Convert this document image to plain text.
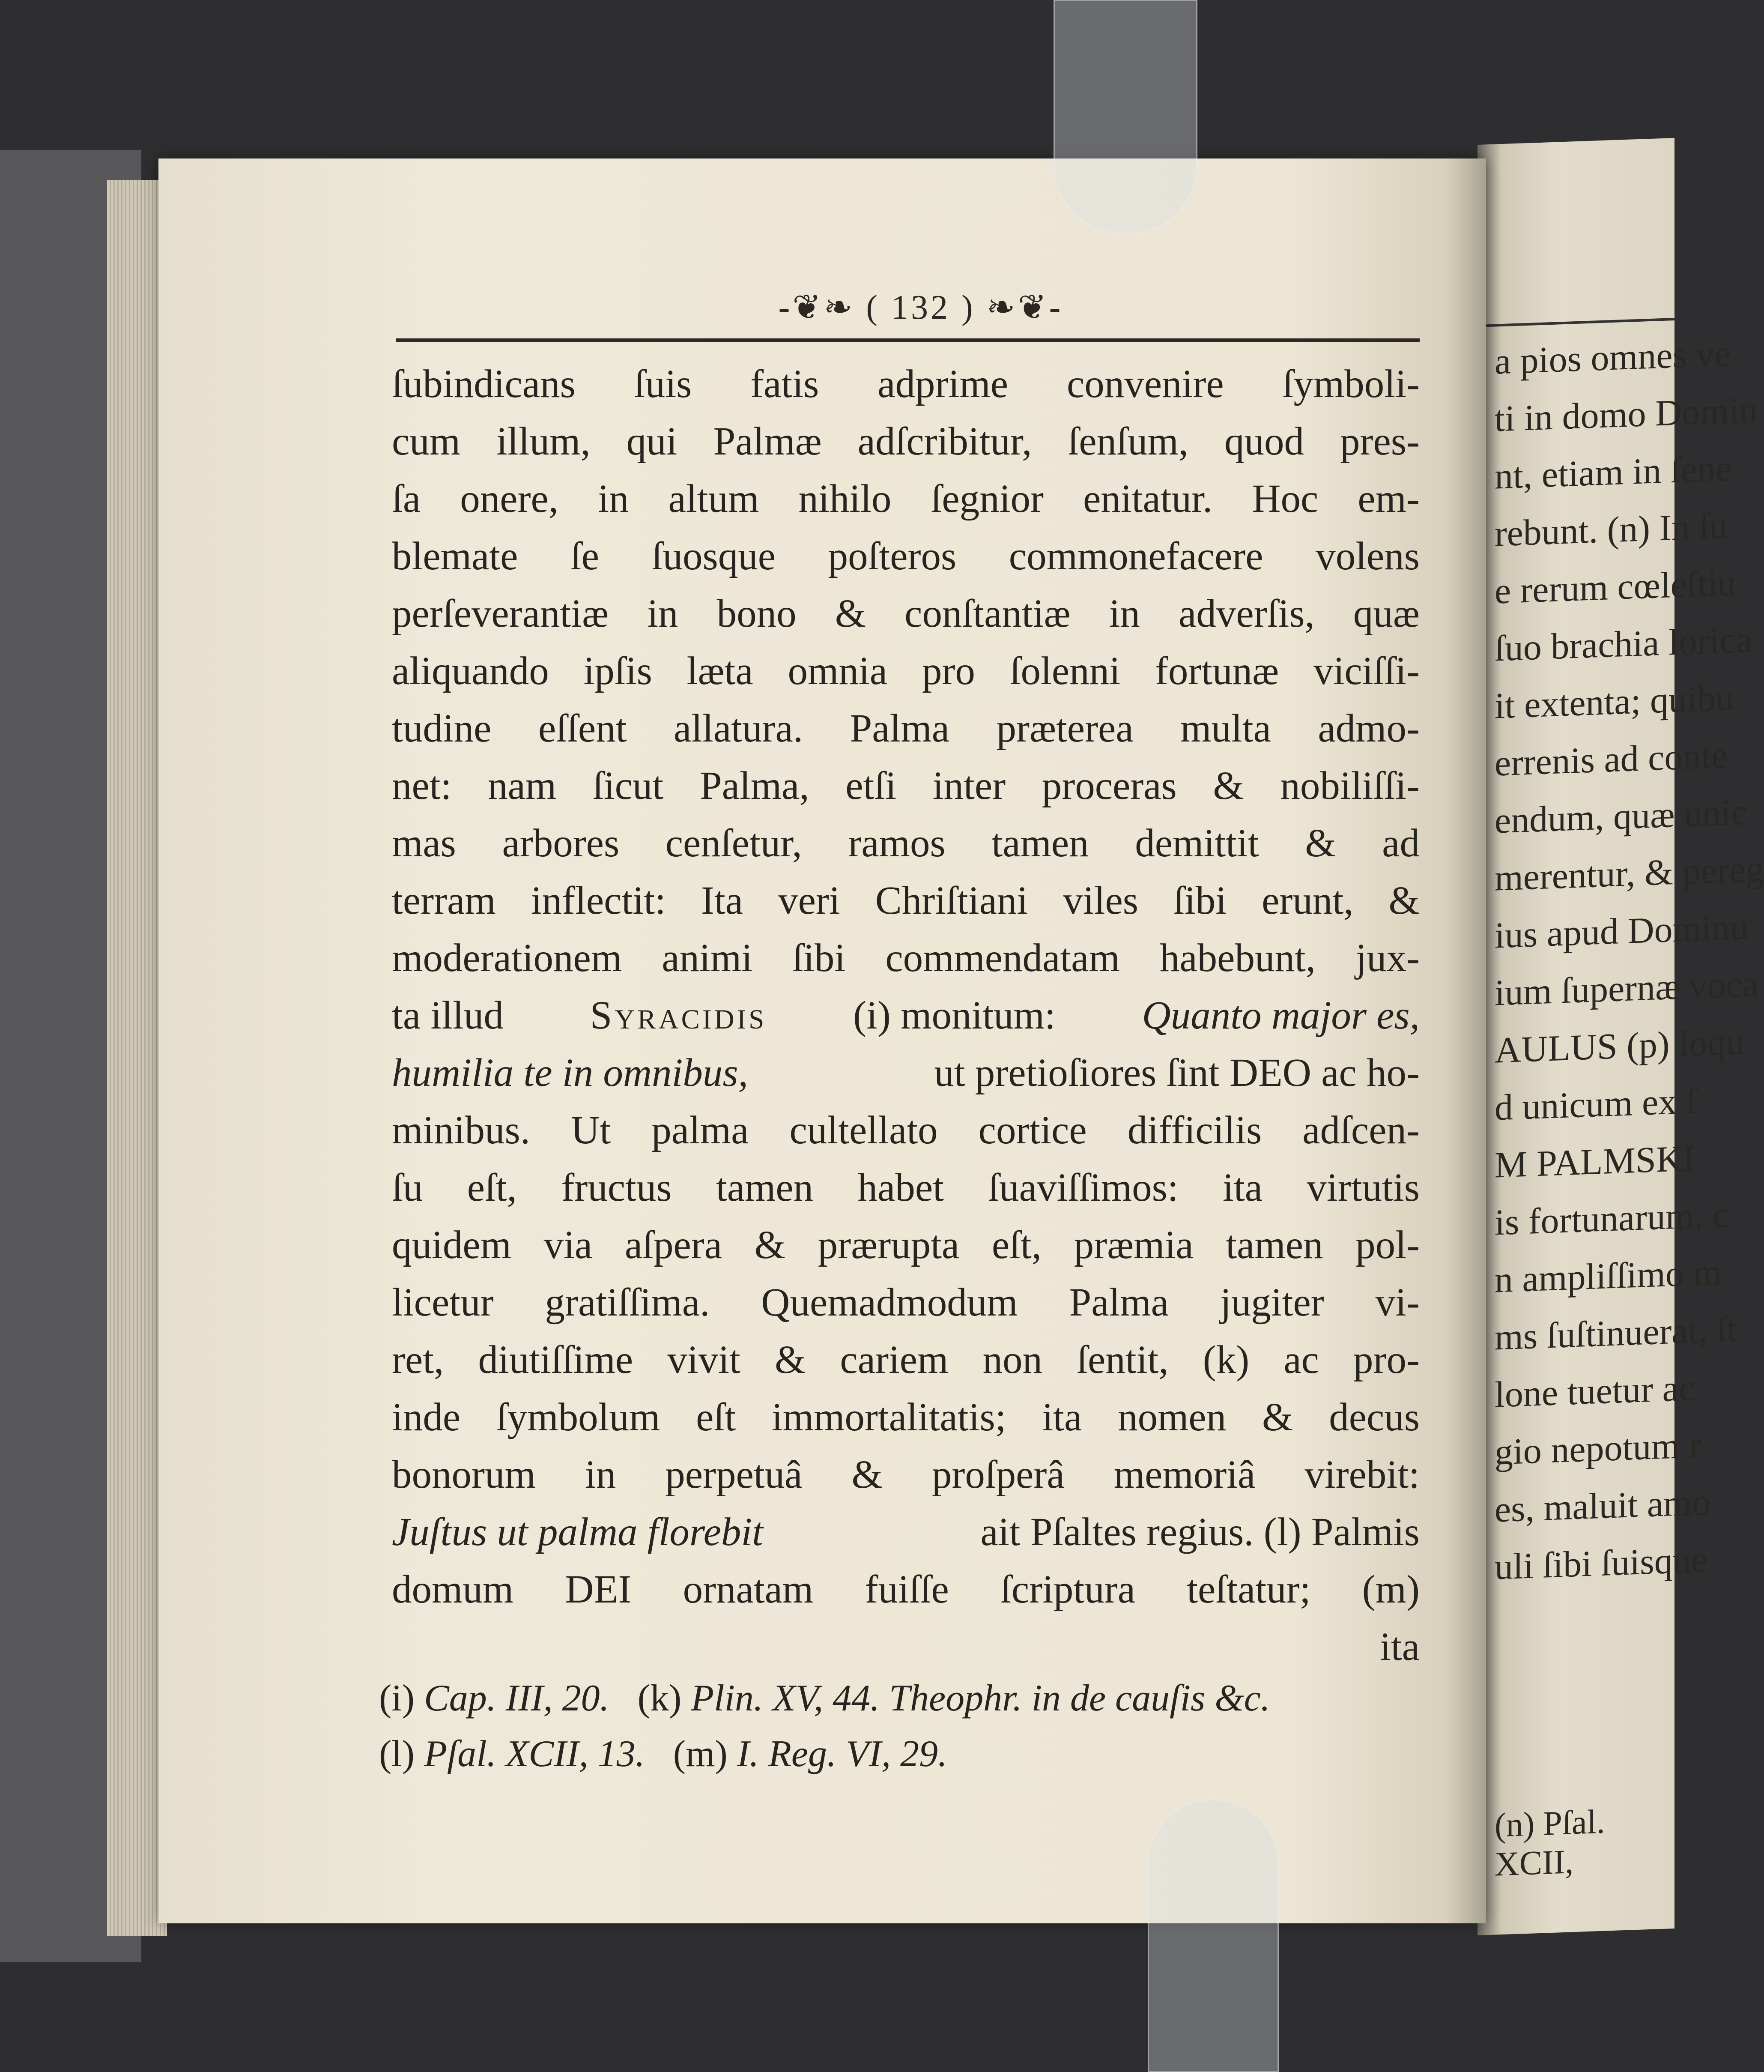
a pios omnes ve
ti in domo Domin
nt, etiam in ſene
rebunt. (n) In ſu
e rerum cœleſtiu
ſuo brachia lorica
it extenta; quibu
errenis ad conte
endum, quæ unic
merentur, & pereg
ius apud Dominu
ium ſupernæ voca
AULUS (p) loqu
d unicum ex ſ
M PALMSKI
is fortunarum, c
n ampliſſimo m
ms ſuſtinuerat, ſt
lone tuetur ac
gio nepotum r
es, maluit amo
uli ſibi ſuisque
(n) Pſal. XCII,
-❦❧ ( 132 ) ❧❦-
ſubindicans ſuis fatis adprime convenire ſymboli-
cum illum, qui Palmæ adſcribitur, ſenſum, quod pres-
ſa onere, in altum nihilo ſegnior enitatur. Hoc em-
blemate ſe ſuosque poſteros commonefacere volens
perſeverantiæ in bono & conſtantiæ in adverſis, quæ
aliquando ipſis læta omnia pro ſolenni fortunæ viciſſi-
tudine eſſent allatura. Palma præterea multa admo-
net: nam ſicut Palma, etſi inter proceras & nobiliſſi-
mas arbores cenſetur, ramos tamen demittit & ad
terram inflectit: Ita veri Chriſtiani viles ſibi erunt, &
moderationem animi ſibi commendatam habebunt, jux-
ta illud Syracidis (i) monitum: Quanto major es,
humilia te in omnibus,	ut pretioſiores ſint DEO ac ho-
minibus. Ut palma cultellato cortice difficilis adſcen-
ſu eſt, fructus tamen habet ſuaviſſimos: ita virtutis
quidem via aſpera & prærupta eſt, præmia tamen pol-
licetur gratiſſima. Quemadmodum Palma jugiter vi-
ret, diutiſſime vivit & cariem non ſentit, (k) ac pro-
inde ſymbolum eſt immortalitatis; ita nomen & decus
bonorum in perpetuâ & proſperâ memoriâ virebit:
Juſtus ut palma florebit	ait Pſaltes regius. (l) Palmis
domum DEI ornatam fuiſſe ſcriptura teſtatur; (m)
ita
(i) Cap. III, 20. (k) Plin. XV, 44. Theophr. in de cauſis &c.
(l) Pſal. XCII, 13. (m) I. Reg. VI, 29.
